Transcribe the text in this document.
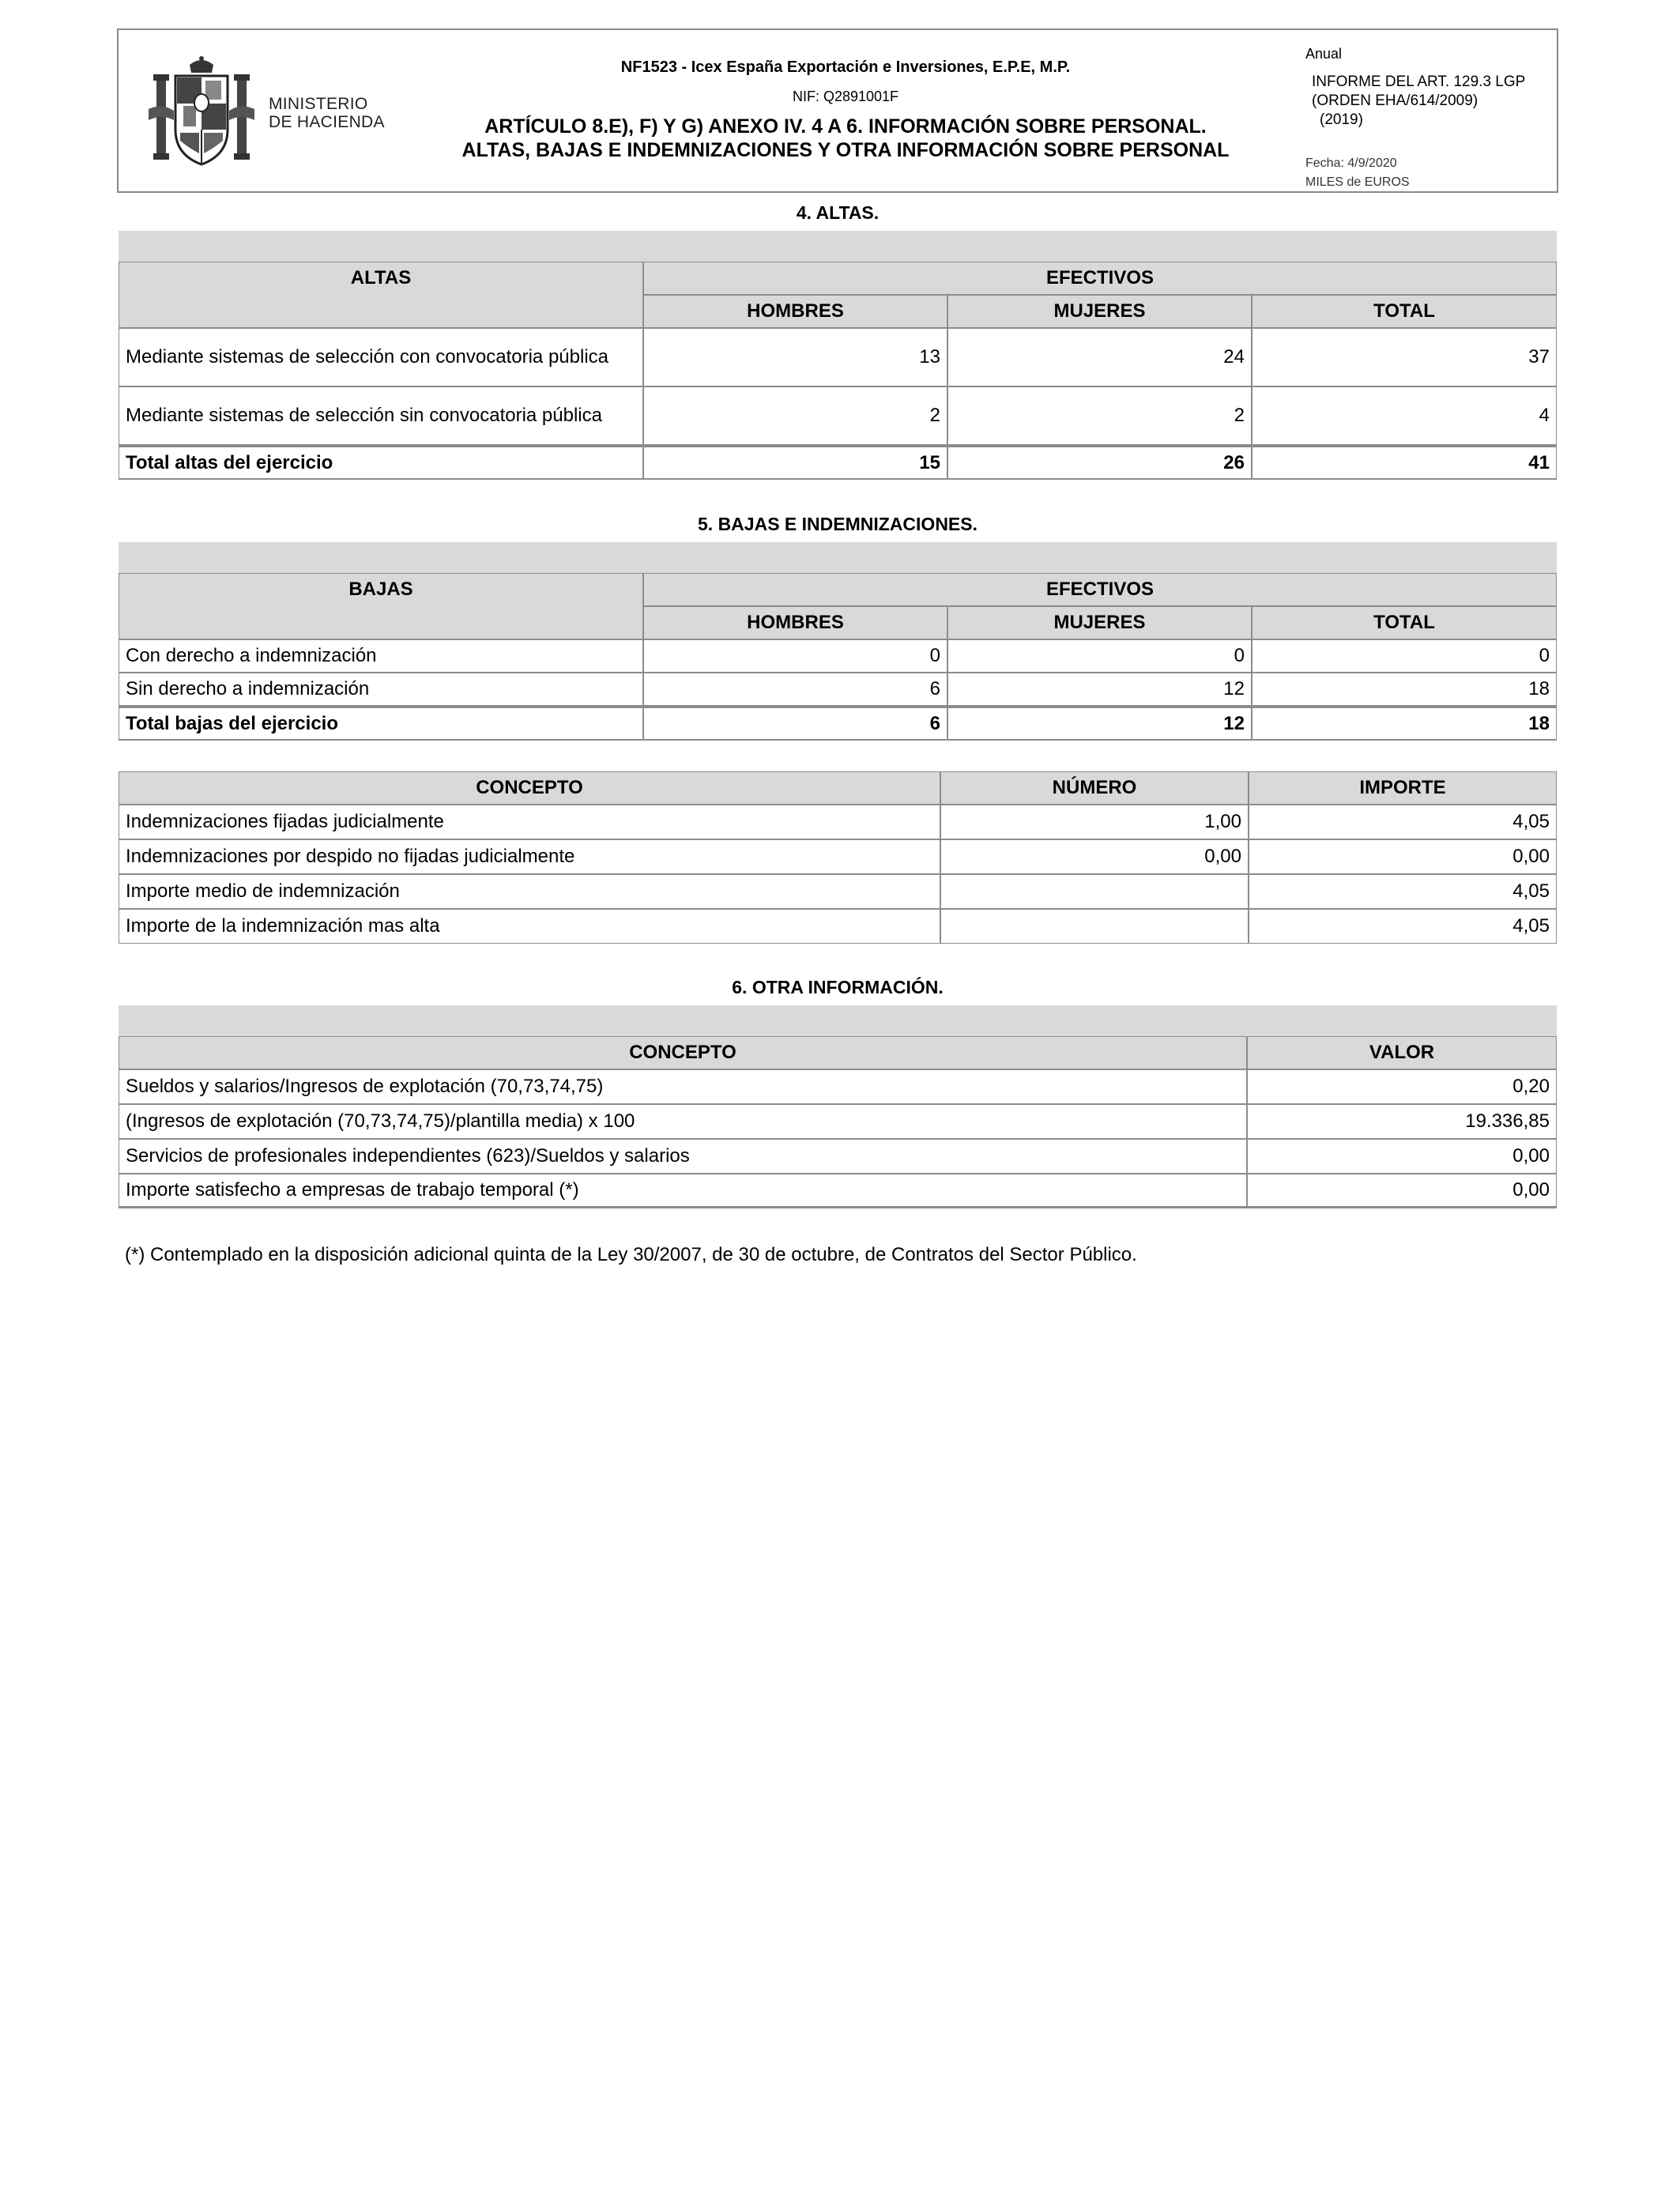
MINISTERIO
DE HACIENDA
NF1523 - Icex España Exportación e Inversiones, E.P.E, M.P.
NIF: Q2891001F
ARTÍCULO 8.E), F) Y G) ANEXO IV. 4 A 6. INFORMACIÓN SOBRE PERSONAL.
ALTAS, BAJAS E INDEMNIZACIONES Y OTRA INFORMACIÓN SOBRE PERSONAL
Anual
INFORME DEL ART. 129.3 LGP
(ORDEN EHA/614/2009)
(2019)
Fecha: 4/9/2020
MILES de EUROS
4. ALTAS.
ALTAS	EFECTIVOS		
	HOMBRES	MUJERES	TOTAL
Mediante sistemas de selección con convocatoria pública	13	24	37
Mediante sistemas de selección sin convocatoria pública	2	2	4
Total altas del ejercicio	15	26	41
5. BAJAS E INDEMNIZACIONES.
BAJAS	EFECTIVOS		
	HOMBRES	MUJERES	TOTAL
Con derecho a indemnización	0	0	0
Sin derecho a indemnización	6	12	18
Total bajas del ejercicio	6	12	18
CONCEPTO	NÚMERO	IMPORTE
Indemnizaciones fijadas judicialmente	1,00	4,05
Indemnizaciones por despido no fijadas judicialmente	0,00	0,00
Importe medio de indemnización		4,05
Importe de la indemnización mas alta		4,05
6. OTRA INFORMACIÓN.
CONCEPTO	VALOR
Sueldos y salarios/Ingresos de explotación (70,73,74,75)	0,20
(Ingresos de explotación (70,73,74,75)/plantilla media) x 100	19.336,85
Servicios de profesionales independientes (623)/Sueldos y salarios	0,00
Importe satisfecho a empresas de trabajo temporal (*)	0,00
(*) Contemplado en la disposición adicional quinta de la Ley 30/2007, de 30 de octubre, de Contratos del Sector Público.
